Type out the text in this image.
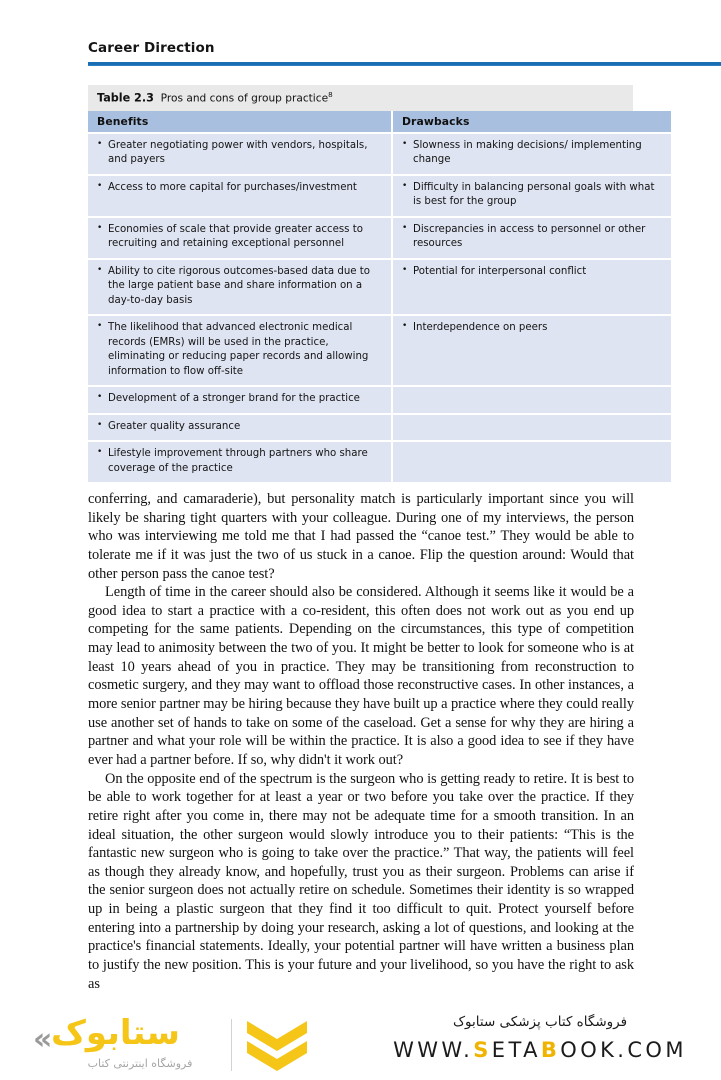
Career Direction
Table 2.3 Pros and cons of group practice$^8$
Benefits	Drawbacks

• Greater negotiating power with vendors, hospitals, and payers	• Slowness in making decisions/ implementing change

• Access to more capital for purchases/investment	• Difficulty in balancing personal goals with what is best for the group

• Economies of scale that provide greater access to recruiting and retaining exceptional personnel	• Discrepancies in access to personnel or other resources

• Ability to cite rigorous outcomes-based data due to the large patient base and share information on a day-to-day basis	• Potential for interpersonal conflict

• The likelihood that advanced electronic medical records (EMRs) will be used in the practice, eliminating or reducing paper records and allowing information to flow off-site	• Interdependence on peers

• Development of a stronger brand for the practice

• Greater quality assurance

• Lifestyle improvement through partners who share coverage of the practice

conferring, and camaraderie), but personality match is particularly important since you will likely be sharing tight quarters with your colleague. During one of my interviews, the person who was interviewing me told me that I had passed the “canoe test.” They would be able to tolerate me if it was just the two of us stuck in a canoe. Flip the question around: Would that other person pass the canoe test?

Length of time in the career should also be considered. Although it seems like it would be a good idea to start a practice with a co-resident, this often does not work out as you end up competing for the same patients. Depending on the circumstances, this type of competition may lead to animosity between the two of you. It might be better to look for someone who is at least 10 years ahead of you in practice. They may be transitioning from reconstruction to cosmetic surgery, and they may want to offload those reconstructive cases. In other instances, a more senior partner may be hiring because they have built up a practice where they could really use another set of hands to take on some of the caseload. Get a sense for why they are hiring a partner and what your role will be within the practice. It is also a good idea to see if they have ever had a partner before. If so, why didn't it work out?

On the opposite end of the spectrum is the surgeon who is getting ready to retire. It is best to be able to work together for at least a year or two before you take over the practice. If they retire right after you come in, there may not be adequate time for a smooth transition. In an ideal situation, the other surgeon would slowly introduce you to their patients: “This is the fantastic new surgeon who is going to take over the practice.” That way, the patients will feel as though they already know, and hopefully, trust you as their surgeon. Problems can arise if the senior surgeon does not actually retire on schedule. Sometimes their identity is so wrapped up in being a plastic surgeon that they find it too difficult to quit. Protect yourself before entering into a partnership by doing your research, asking a lot of questions, and looking at the practice's financial statements. Ideally, your potential partner will have written a business plan to justify the new position. This is your future and your livelihood, so you have the right to ask as

«
ستابوک
فروشگاه اینترنتی کتاب
فروشگاه کتاب پزشکی ستابوک
WWW.SETABOOK.COM
